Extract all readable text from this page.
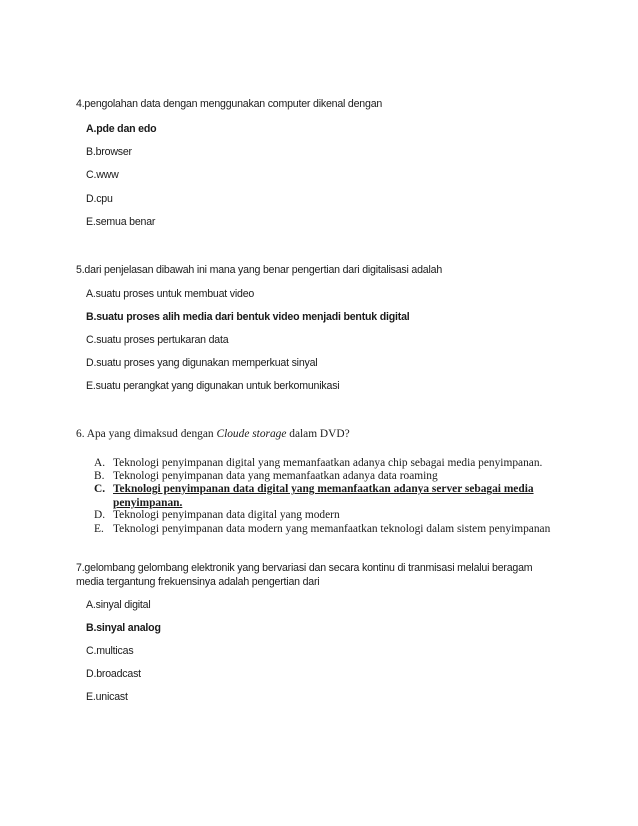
4.pengolahan data dengan menggunakan computer dikenal dengan
A.pde dan edo
B.browser
C.www
D.cpu
E.semua benar
5.dari penjelasan dibawah ini mana yang benar pengertian dari digitalisasi adalah
A.suatu proses untuk membuat video
B.suatu proses alih media dari bentuk video menjadi bentuk digital
C.suatu proses pertukaran data
D.suatu proses yang digunakan memperkuat sinyal
E.suatu perangkat yang digunakan untuk berkomunikasi
6. Apa yang dimaksud dengan Cloude storage dalam DVD?
A. Teknologi penyimpanan digital yang memanfaatkan adanya chip sebagai media penyimpanan.
B. Teknologi penyimpanan data yang memanfaatkan adanya data roaming
C. Teknologi penyimpanan data digital yang memanfaatkan adanya server sebagai media penyimpanan.
D. Teknologi penyimpanan data digital yang modern
E. Teknologi penyimpanan data modern yang memanfaatkan teknologi dalam sistem penyimpanan
7.gelombang gelombang elektronik yang bervariasi dan secara kontinu di tranmisasi melalui beragam
media tergantung frekuensinya adalah pengertian dari
A.sinyal digital
B.sinyal analog
C.multicas
D.broadcast
E.unicast
